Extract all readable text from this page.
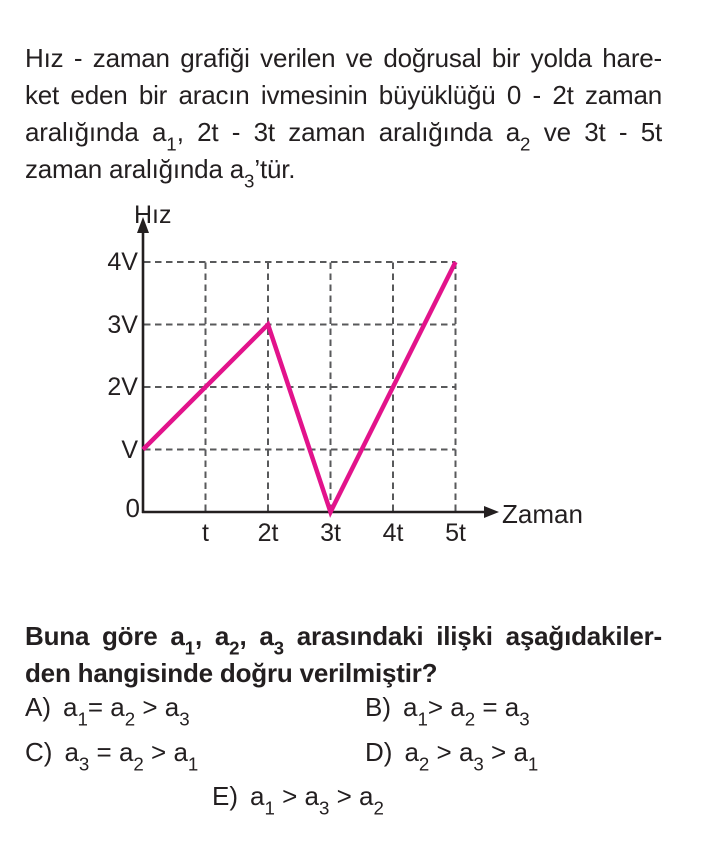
Hız - zaman grafiği verilen ve doğrusal bir yolda hare-
ket eden bir aracın ivmesinin büyüklüğü 0 - 2t zaman
aralığında $a_1$, 2t - 3t zaman aralığında $a_2$ ve 3t - 5t
zaman aralığında $a_3’tür$.

Hız
Zaman
0
4V
3V
2V
V
t	2t	3t	4t	5t

Buna göre $a_1$, $a_2$, $a_3$ arasındaki ilişki aşağıdakiler-
den hangisinde doğru verilmiştir?

A) $a_1= a_2 > a_3$	B) $a_1> a_2 = a_3$
C) $a_3 = a_2 > a_1$	D) $a_2 > a_3 > a_1$
E) $a_1 > a_3 > a_2$
